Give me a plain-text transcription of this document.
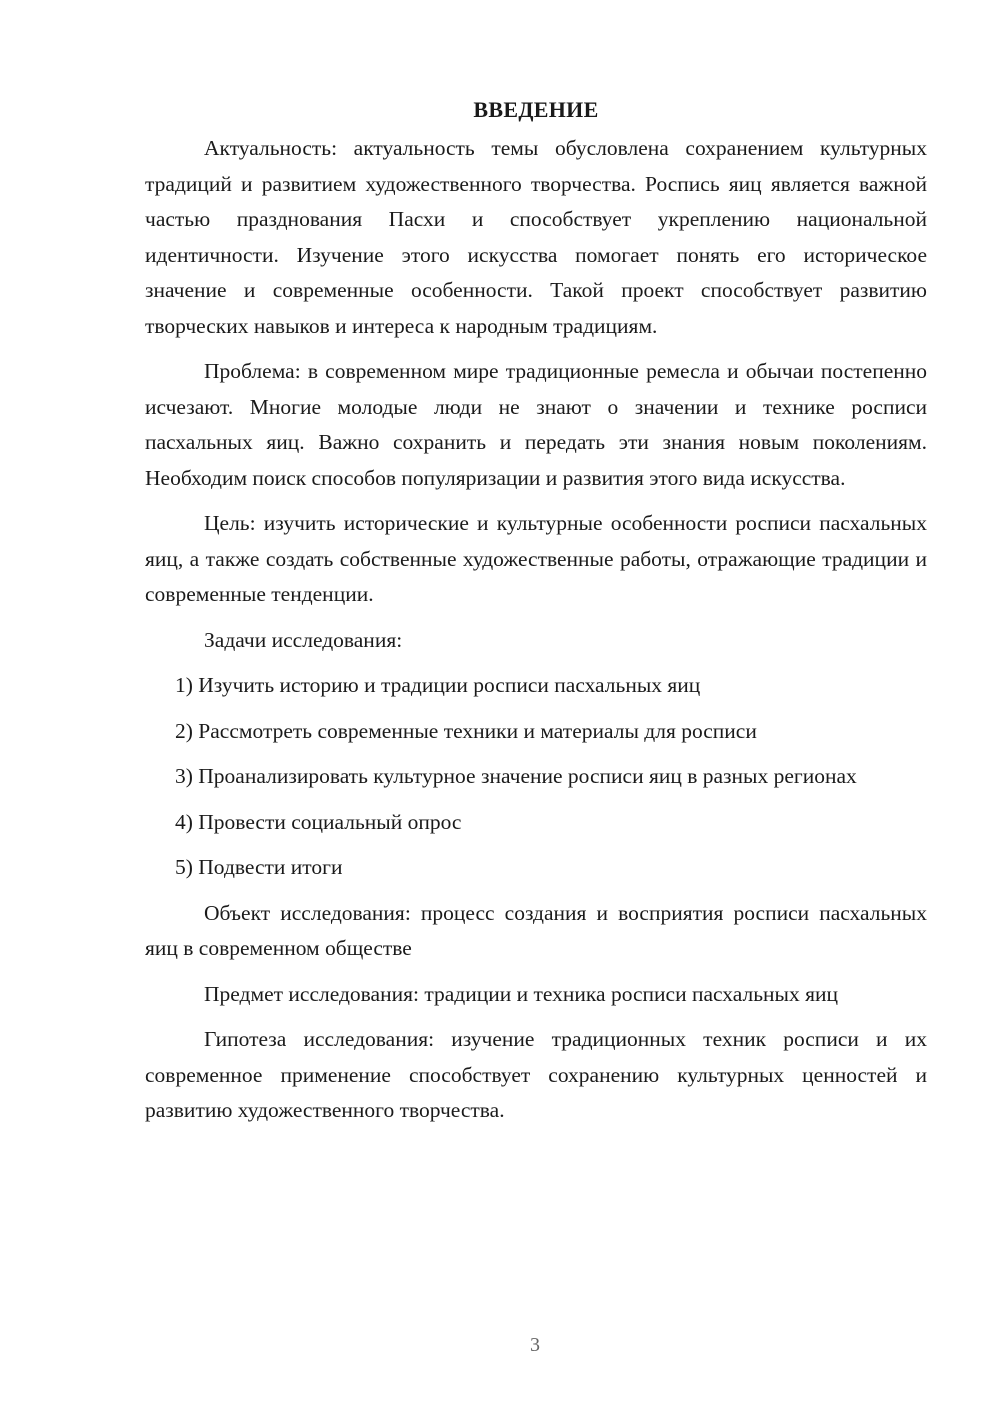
ВВЕДЕНИЕ

Актуальность: актуальность темы обусловлена сохранением культурных традиций и развитием художественного творчества. Роспись яиц является важной частью празднования Пасхи и способствует укреплению национальной идентичности. Изучение этого искусства помогает понять его историческое значение и современные особенности. Такой проект способствует развитию творческих навыков и интереса к народным традициям.

Проблема: в современном мире традиционные ремесла и обычаи постепенно исчезают. Многие молодые люди не знают о значении и технике росписи пасхальных яиц. Важно сохранить и передать эти знания новым поколениям. Необходим поиск способов популяризации и развития этого вида искусства.

Цель: изучить исторические и культурные особенности росписи пасхальных яиц, а также создать собственные художественные работы, отражающие традиции и современные тенденции.

Задачи исследования:

1) Изучить историю и традиции росписи пасхальных яиц

2) Рассмотреть современные техники и материалы для росписи

3) Проанализировать культурное значение росписи яиц в разных регионах

4) Провести социальный опрос

5) Подвести итоги

Объект исследования: процесс создания и восприятия росписи пасхальных яиц в современном обществе

Предмет исследования: традиции и техника росписи пасхальных яиц

Гипотеза исследования: изучение традиционных техник росписи и их современное применение способствует сохранению культурных ценностей и развитию художественного творчества.

3
